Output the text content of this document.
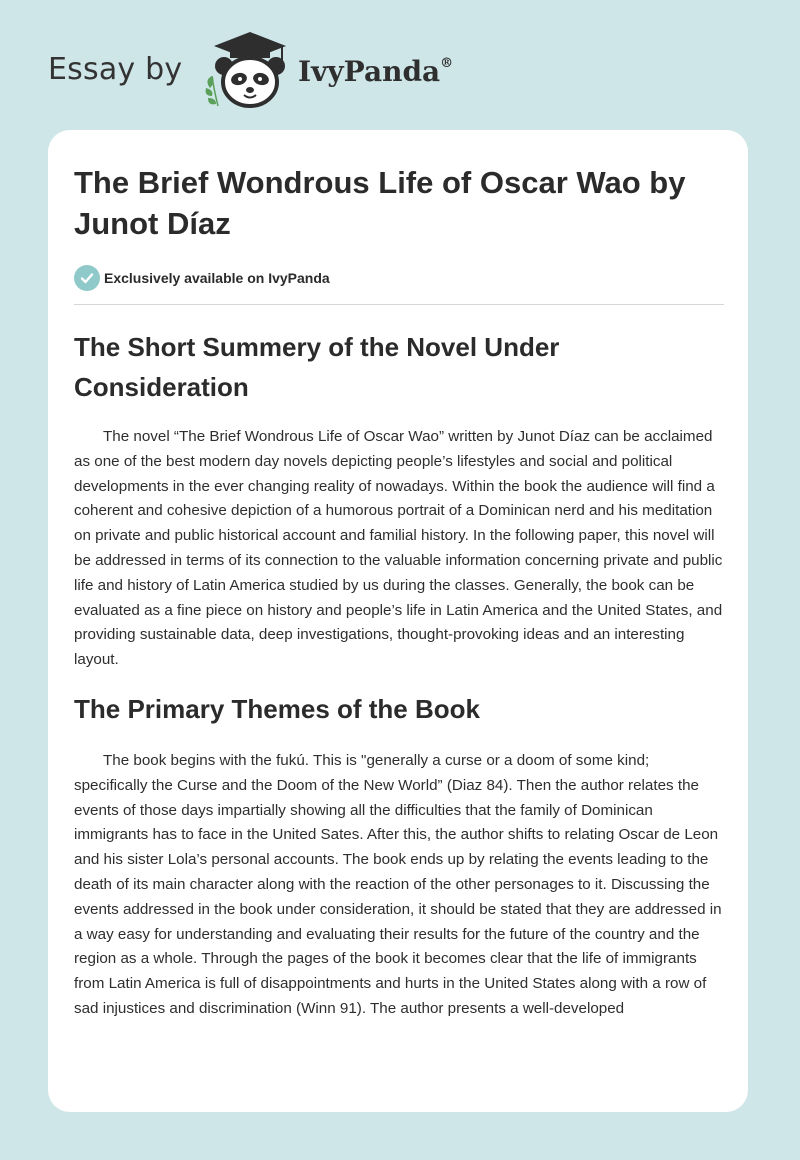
Essay by	IvyPanda®
The Brief Wondrous Life of Oscar Wao by Junot Díaz
Exclusively available on IvyPanda
The Short Summery of the Novel Under Consideration

The novel “The Brief Wondrous Life of Oscar Wao” written by Junot Díaz can be acclaimed as one of the best modern day novels depicting people’s lifestyles and social and political developments in the ever changing reality of nowadays. Within the book the audience will find a coherent and cohesive depiction of a humorous portrait of a Dominican nerd and his meditation on private and public historical account and familial history. In the following paper, this novel will be addressed in terms of its connection to the valuable information concerning private and public life and history of Latin America studied by us during the classes. Generally, the book can be evaluated as a fine piece on history and people’s life in Latin America and the United States, and providing sustainable data, deep investigations, thought-provoking ideas and an interesting layout.

The Primary Themes of the Book

The book begins with the fukú. This is "generally a curse or a doom of some kind; specifically the Curse and the Doom of the New World” (Diaz 84). Then the author relates the events of those days impartially showing all the difficulties that the family of Dominican immigrants has to face in the United Sates. After this, the author shifts to relating Oscar de Leon and his sister Lola’s personal accounts. The book ends up by relating the events leading to the death of its main character along with the reaction of the other personages to it. Discussing the events addressed in the book under consideration, it should be stated that they are addressed in a way easy for understanding and evaluating their results for the future of the country and the region as a whole. Through the pages of the book it becomes clear that the life of immigrants from Latin America is full of disappointments and hurts in the United States along with a row of sad injustices and discrimination (Winn 91). The author presents a well-developed
